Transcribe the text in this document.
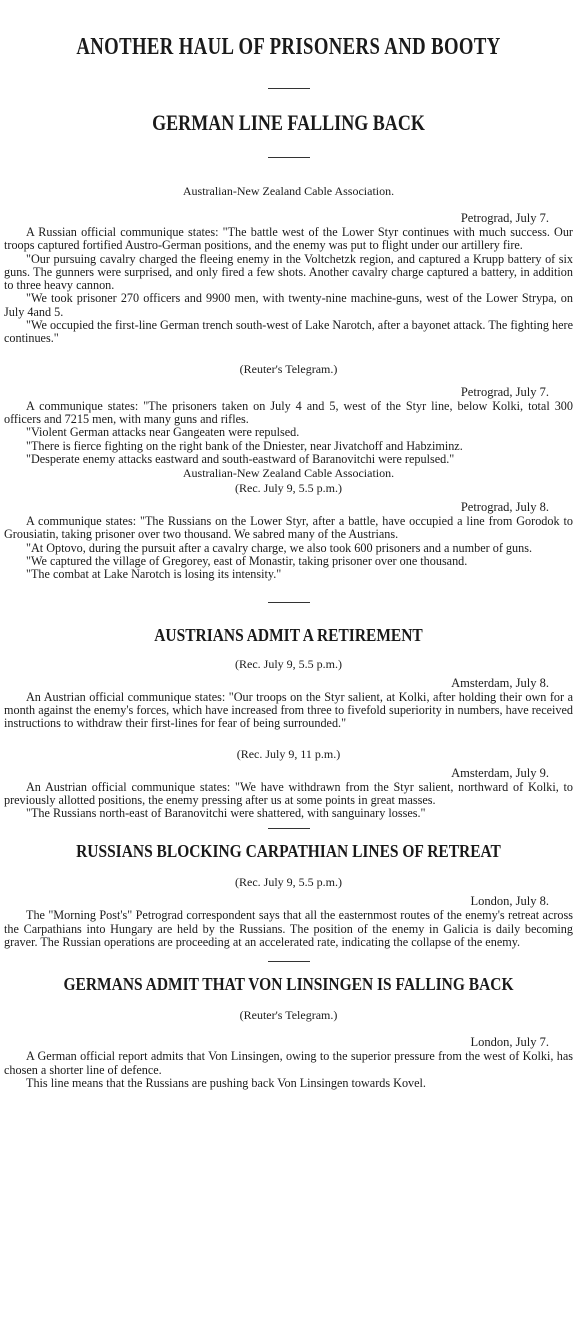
ANOTHER HAUL OF PRISONERS AND BOOTY
GERMAN LINE FALLING BACK
Australian-New Zealand Cable Association.
Petrograd, July 7.

A Russian official communique states: "The battle west of the Lower Styr continues with much success. Our troops captured fortified Austro-German positions, and the enemy was put to flight under our artillery fire.

"Our pursuing cavalry charged the fleeing enemy in the Voltchetzk region, and captured a Krupp battery of six guns. The gunners were surprised, and only fired a few shots. Another cavalry charge captured a battery, in addition to three heavy cannon.

"We took prisoner 270 officers and 9900 men, with twenty-nine machine-guns, west of the Lower Strypa, on July 4and 5.

"We occupied the first-line German trench south-west of Lake Narotch, after a bayonet attack. The fighting here continues."

(Reuter's Telegram.)
Petrograd, July 7.

A communique states: "The prisoners taken on July 4 and 5, west of the Styr line, below Kolki, total 300 officers and 7215 men, with many guns and rifles.

"Violent German attacks near Gangeaten were repulsed.

"There is fierce fighting on the right bank of the Dniester, near Jivatchoff and Habziminz.

"Desperate enemy attacks eastward and south-eastward of Baranovitchi were repulsed."

Australian-New Zealand Cable Association.
(Rec. July 9, 5.5 p.m.)
Petrograd, July 8.

A communique states: "The Russians on the Lower Styr, after a battle, have occupied a line from Gorodok to Grousiatin, taking prisoner over two thousand. We sabred many of the Austrians.

"At Optovo, during the pursuit after a cavalry charge, we also took 600 prisoners and a number of guns.

"We captured the village of Gregorey, east of Monastir, taking prisoner over one thousand.

"The combat at Lake Narotch is losing its intensity."

AUSTRIANS ADMIT A RETIREMENT
(Rec. July 9, 5.5 p.m.)
Amsterdam, July 8.

An Austrian official communique states: "Our troops on the Styr salient, at Kolki, after holding their own for a month against the enemy's forces, which have increased from three to fivefold superiority in numbers, have received instructions to withdraw their first-lines for fear of being surrounded."

(Rec. July 9, 11 p.m.)
Amsterdam, July 9.

An Austrian official communique states: "We have withdrawn from the Styr salient, northward of Kolki, to previously allotted positions, the enemy pressing after us at some points in great masses.

"The Russians north-east of Baranovitchi were shattered, with sanguinary losses."

RUSSIANS BLOCKING CARPATHIAN LINES OF RETREAT
(Rec. July 9, 5.5 p.m.)
London, July 8.

The "Morning Post's" Petrograd correspondent says that all the easternmost routes of the enemy's retreat across the Carpathians into Hungary are held by the Russians. The position of the enemy in Galicia is daily becoming graver. The Russian operations are proceeding at an accelerated rate, indicating the collapse of the enemy.

GERMANS ADMIT THAT VON LINSINGEN IS FALLING BACK
(Reuter's Telegram.)
London, July 7.

A German official report admits that Von Linsingen, owing to the superior pressure from the west of Kolki, has chosen a shorter line of defence.

This line means that the Russians are pushing back Von Linsingen towards Kovel.
